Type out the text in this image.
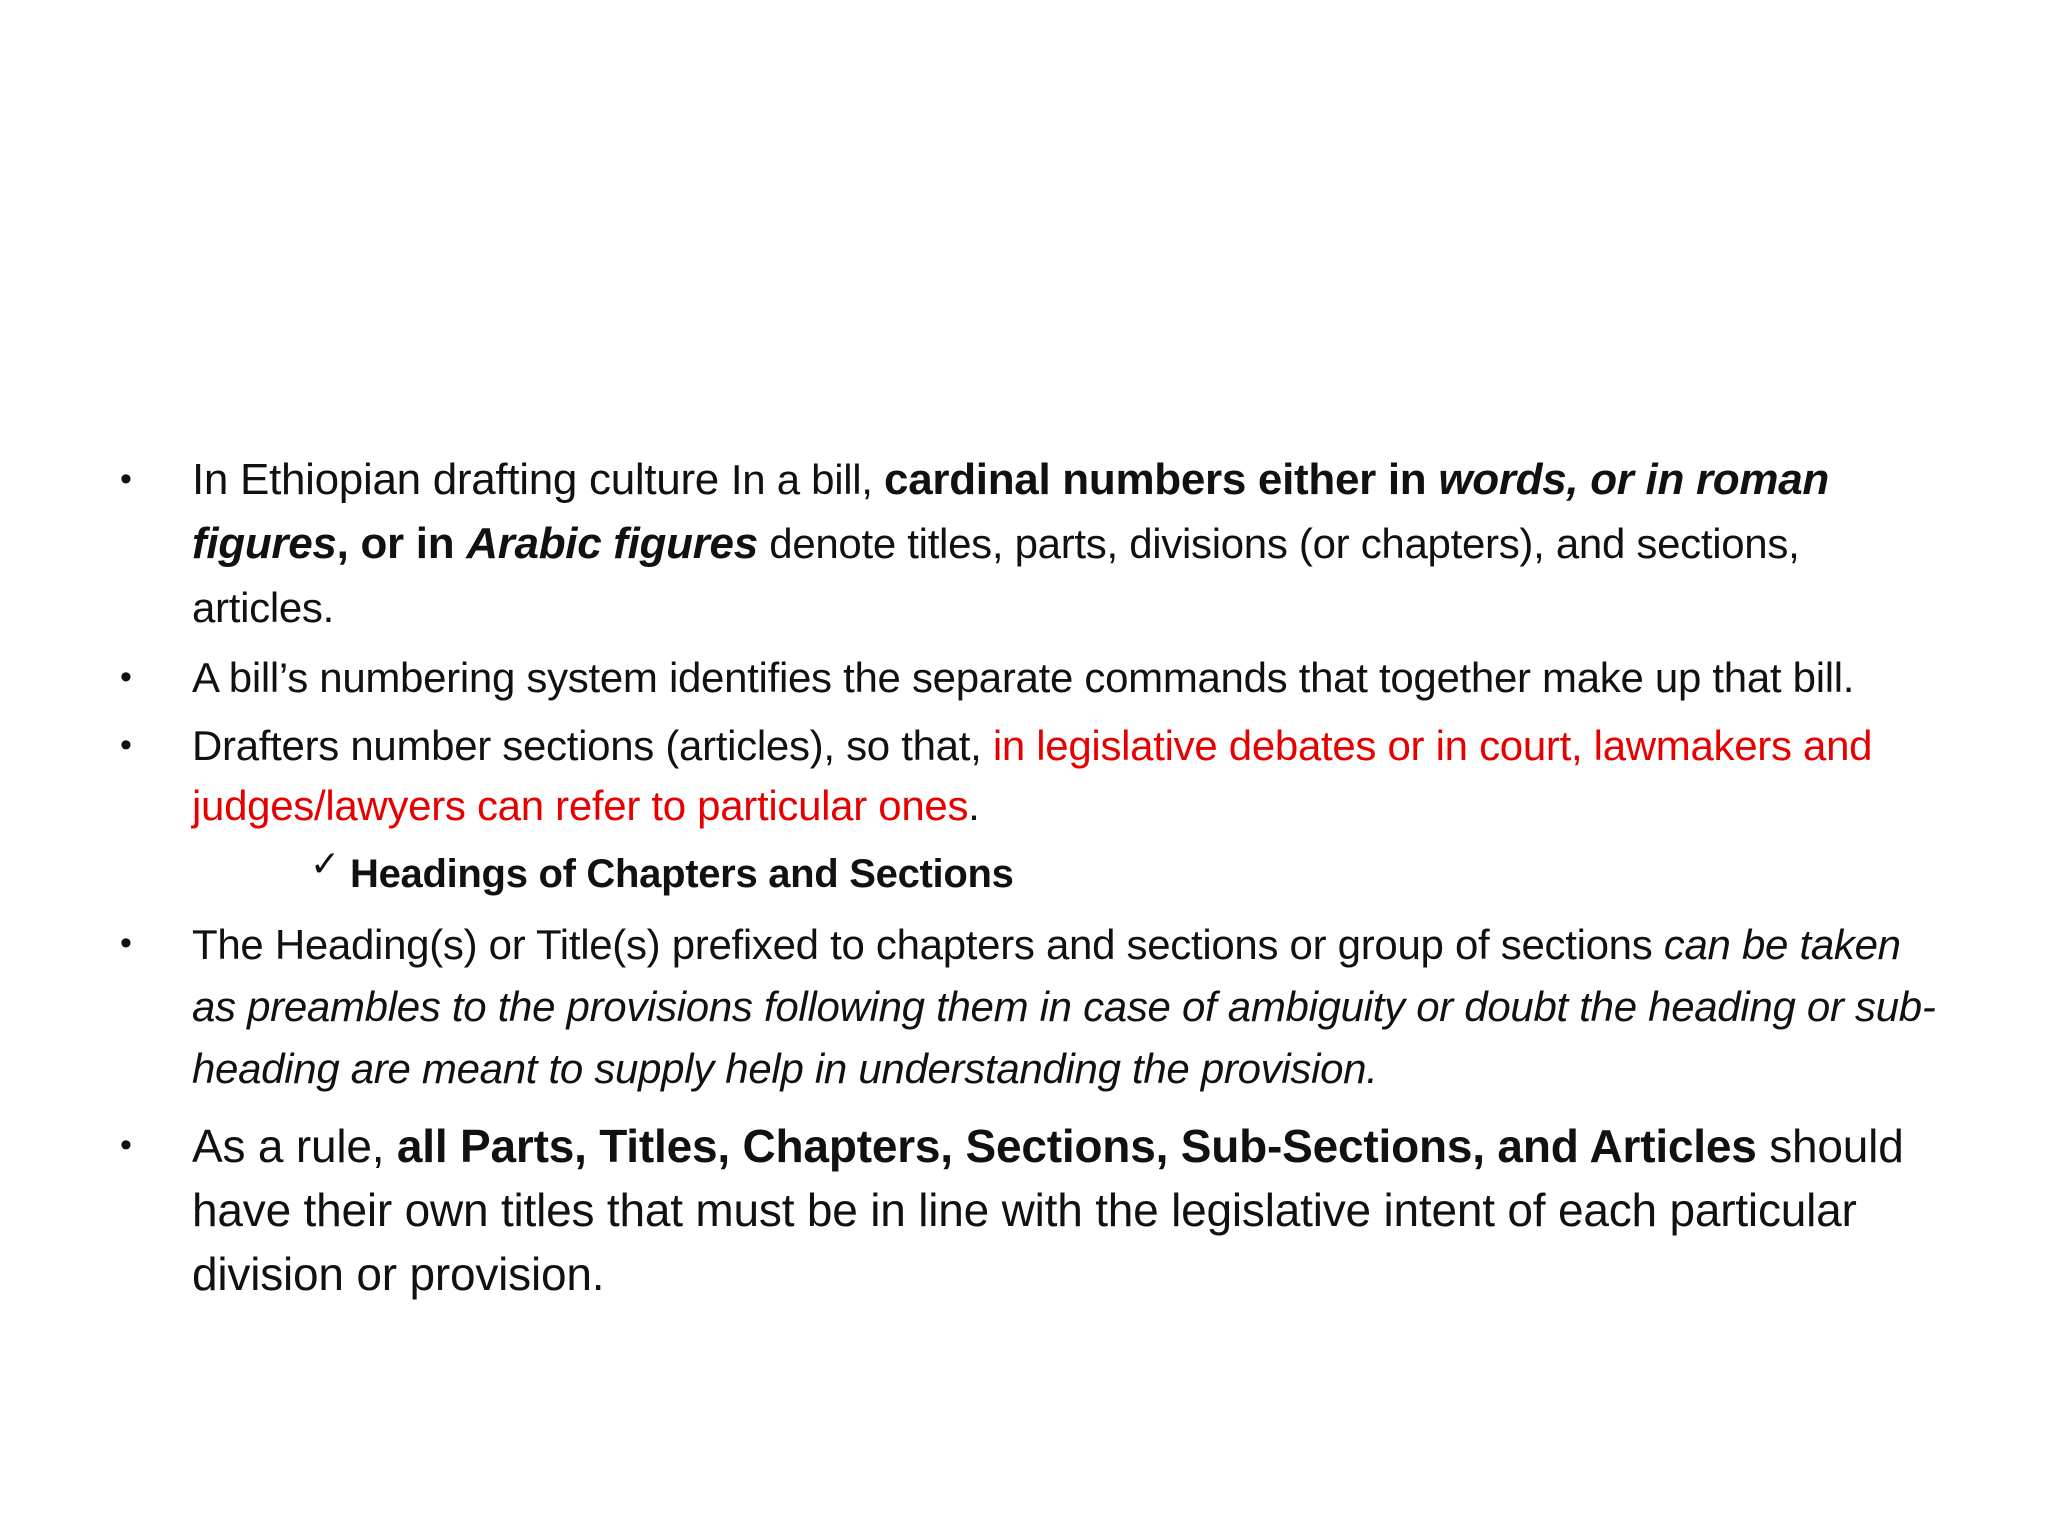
• In Ethiopian drafting culture In a bill, cardinal numbers either in words, or in roman figures, or in Arabic figures denote titles, parts, divisions (or chapters), and sections, articles.

• A bill’s numbering system identifies the separate commands that together make up that bill.

• Drafters number sections (articles), so that, in legislative debates or in court, lawmakers and judges/lawyers can refer to particular ones.

✓ Headings of Chapters and Sections

• The Heading(s) or Title(s) prefixed to chapters and sections or group of sections can be taken as preambles to the provisions following them in case of ambiguity or doubt the heading or sub- heading are meant to supply help in understanding the provision.

• As a rule, all Parts, Titles, Chapters, Sections, Sub-Sections, and Articles should have their own titles that must be in line with the legislative intent of each particular division or provision.
